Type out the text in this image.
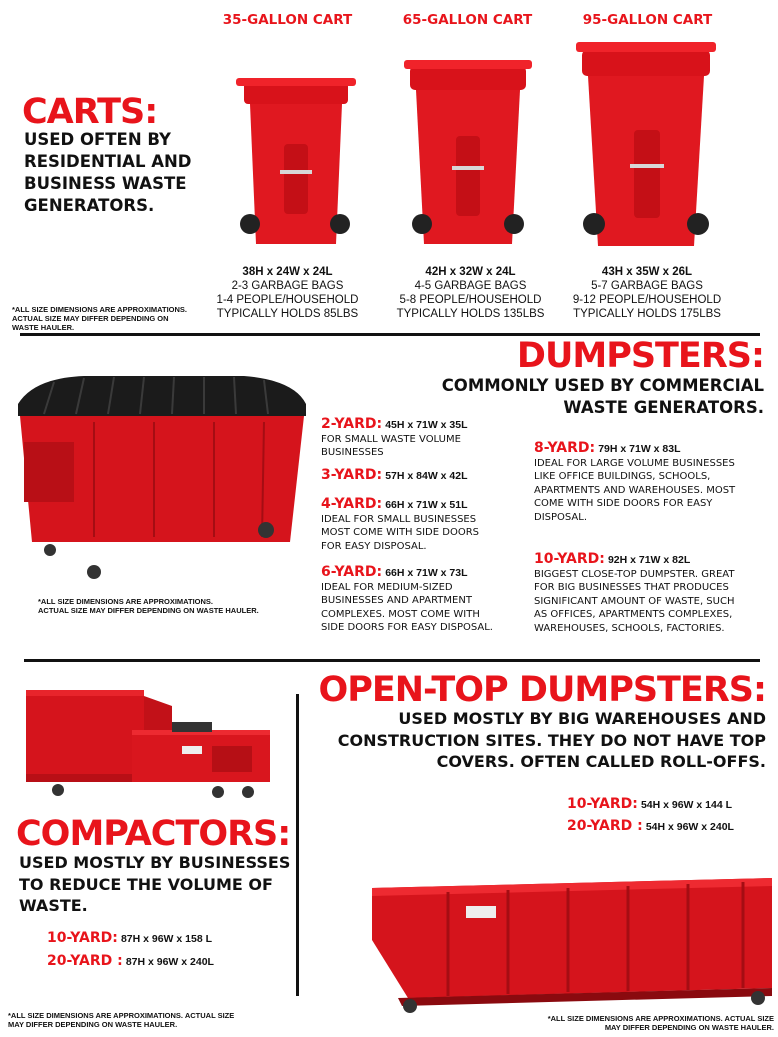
CARTS:
USED OFTEN BY
RESIDENTIAL AND
BUSINESS WASTE
GENERATORS.
35-GALLON CART	65-GALLON CART	95-GALLON CART
38H x 24W x 24L
2-3 GARBAGE BAGS
1-4 PEOPLE/HOUSEHOLD
TYPICALLY HOLDS 85LBS
42H x 32W x 24L
4-5 GARBAGE BAGS
5-8 PEOPLE/HOUSEHOLD
TYPICALLY HOLDS 135LBS
43H x 35W x 26L
5-7 GARBAGE BAGS
9-12 PEOPLE/HOUSEHOLD
TYPICALLY HOLDS 175LBS
*ALL SIZE DIMENSIONS ARE APPROXIMATIONS.
ACTUAL SIZE MAY DIFFER DEPENDING ON
WASTE HAULER.
DUMPSTERS:
COMMONLY USED BY COMMERCIAL
WASTE GENERATORS.
*ALL SIZE DIMENSIONS ARE APPROXIMATIONS.
ACTUAL SIZE MAY DIFFER DEPENDING ON WASTE HAULER.
2-YARD: 45H x 71W x 35L
FOR SMALL WASTE VOLUME
BUSINESSES
3-YARD: 57H x 84W x 42L
4-YARD: 66H x 71W x 51L
IDEAL FOR SMALL BUSINESSES
MOST COME WITH SIDE DOORS
FOR EASY DISPOSAL.
6-YARD: 66H x 71W x 73L
IDEAL FOR MEDIUM-SIZED
BUSINESSES AND APARTMENT
COMPLEXES. MOST COME WITH
SIDE DOORS FOR EASY DISPOSAL.
8-YARD: 79H x 71W x 83L
IDEAL FOR LARGE VOLUME BUSINESSES
LIKE OFFICE BUILDINGS, SCHOOLS,
APARTMENTS AND WAREHOUSES. MOST
COME WITH SIDE DOORS FOR EASY
DISPOSAL.
10-YARD: 92H x 71W x 82L
BIGGEST CLOSE-TOP DUMPSTER. GREAT
FOR BIG BUSINESSES THAT PRODUCES
SIGNIFICANT AMOUNT OF WASTE, SUCH
AS OFFICES, APARTMENTS COMPLEXES,
WAREHOUSES, SCHOOLS, FACTORIES.
COMPACTORS:
USED MOSTLY BY BUSINESSES
TO REDUCE THE VOLUME OF
WASTE.
10-YARD: 87H x 96W x 158 L
20-YARD : 87H x 96W x 240L
*ALL SIZE DIMENSIONS ARE APPROXIMATIONS. ACTUAL SIZE
MAY DIFFER DEPENDING ON WASTE HAULER.
OPEN-TOP DUMPSTERS:
USED MOSTLY BY BIG WAREHOUSES AND
CONSTRUCTION SITES. THEY DO NOT HAVE TOP
COVERS. OFTEN CALLED ROLL-OFFS.
10-YARD: 54H x 96W x 144 L
20-YARD : 54H x 96W x 240L
*ALL SIZE DIMENSIONS ARE APPROXIMATIONS. ACTUAL SIZE
MAY DIFFER DEPENDING ON WASTE HAULER.
